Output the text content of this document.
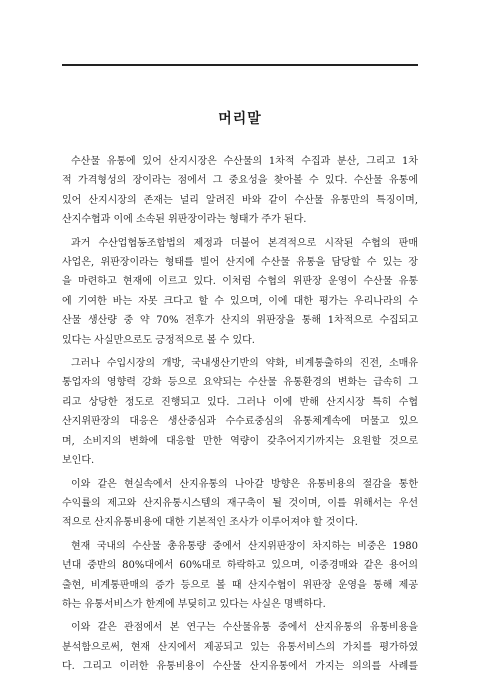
머리말

수산물 유통에 있어 산지시장은 수산물의 1차적 수집과 분산, 그리고 1차
적 가격형성의 장이라는 점에서 그 중요성을 찾아볼 수 있다. 수산물 유통에
있어 산지시장의 존재는 널리 알려진 바와 같이 수산물 유통만의 특징이며,
산지수협과 이에 소속된 위판장이라는 형태가 주가 된다.

과거 수산업협동조합법의 제정과 더불어 본격적으로 시작된 수협의 판매
사업은, 위판장이라는 형태를 빌어 산지에 수산물 유통을 담당할 수 있는 장
을 마련하고 현재에 이르고 있다. 이처럼 수협의 위판장 운영이 수산물 유통
에 기여한 바는 자못 크다고 할 수 있으며, 이에 대한 평가는 우리나라의 수
산물 생산량 중 약 70% 전후가 산지의 위판장을 통해 1차적으로 수집되고
있다는 사실만으로도 긍정적으로 볼 수 있다.

그러나 수입시장의 개방, 국내생산기반의 약화, 비계통출하의 진전, 소매유
통업자의 영향력 강화 등으로 요약되는 수산물 유통환경의 변화는 급속히 그
리고 상당한 정도로 진행되고 있다. 그러나 이에 반해 산지시장 특히 수협
산지위판장의 대응은 생산중심과 수수료중심의 유통체계속에 머물고 있으
며, 소비지의 변화에 대응할 만한 역량이 갖추어지기까지는 요원할 것으로
보인다.

이와 같은 현실속에서 산지유통의 나아갈 방향은 유통비용의 절감을 통한
수익률의 제고와 산지유통시스템의 재구축이 될 것이며, 이를 위해서는 우선
적으로 산지유통비용에 대한 기본적인 조사가 이루어져야 할 것이다.

현재 국내의 수산물 총유통량 중에서 산지위판장이 차지하는 비중은 1980
년대 중반의 80%대에서 60%대로 하락하고 있으며, 이중경매와 같은 용어의
출현, 비계통판매의 증가 등으로 볼 때 산지수협이 위판장 운영을 통해 제공
하는 유통서비스가 한계에 부딪히고 있다는 사실은 명백하다.

이와 같은 관점에서 본 연구는 수산물유통 중에서 산지유통의 유통비용을
분석함으로써, 현재 산지에서 제공되고 있는 유통서비스의 가치를 평가하였
다. 그리고 이러한 유통비용이 수산물 산지유통에서 가지는 의의를 사례를
